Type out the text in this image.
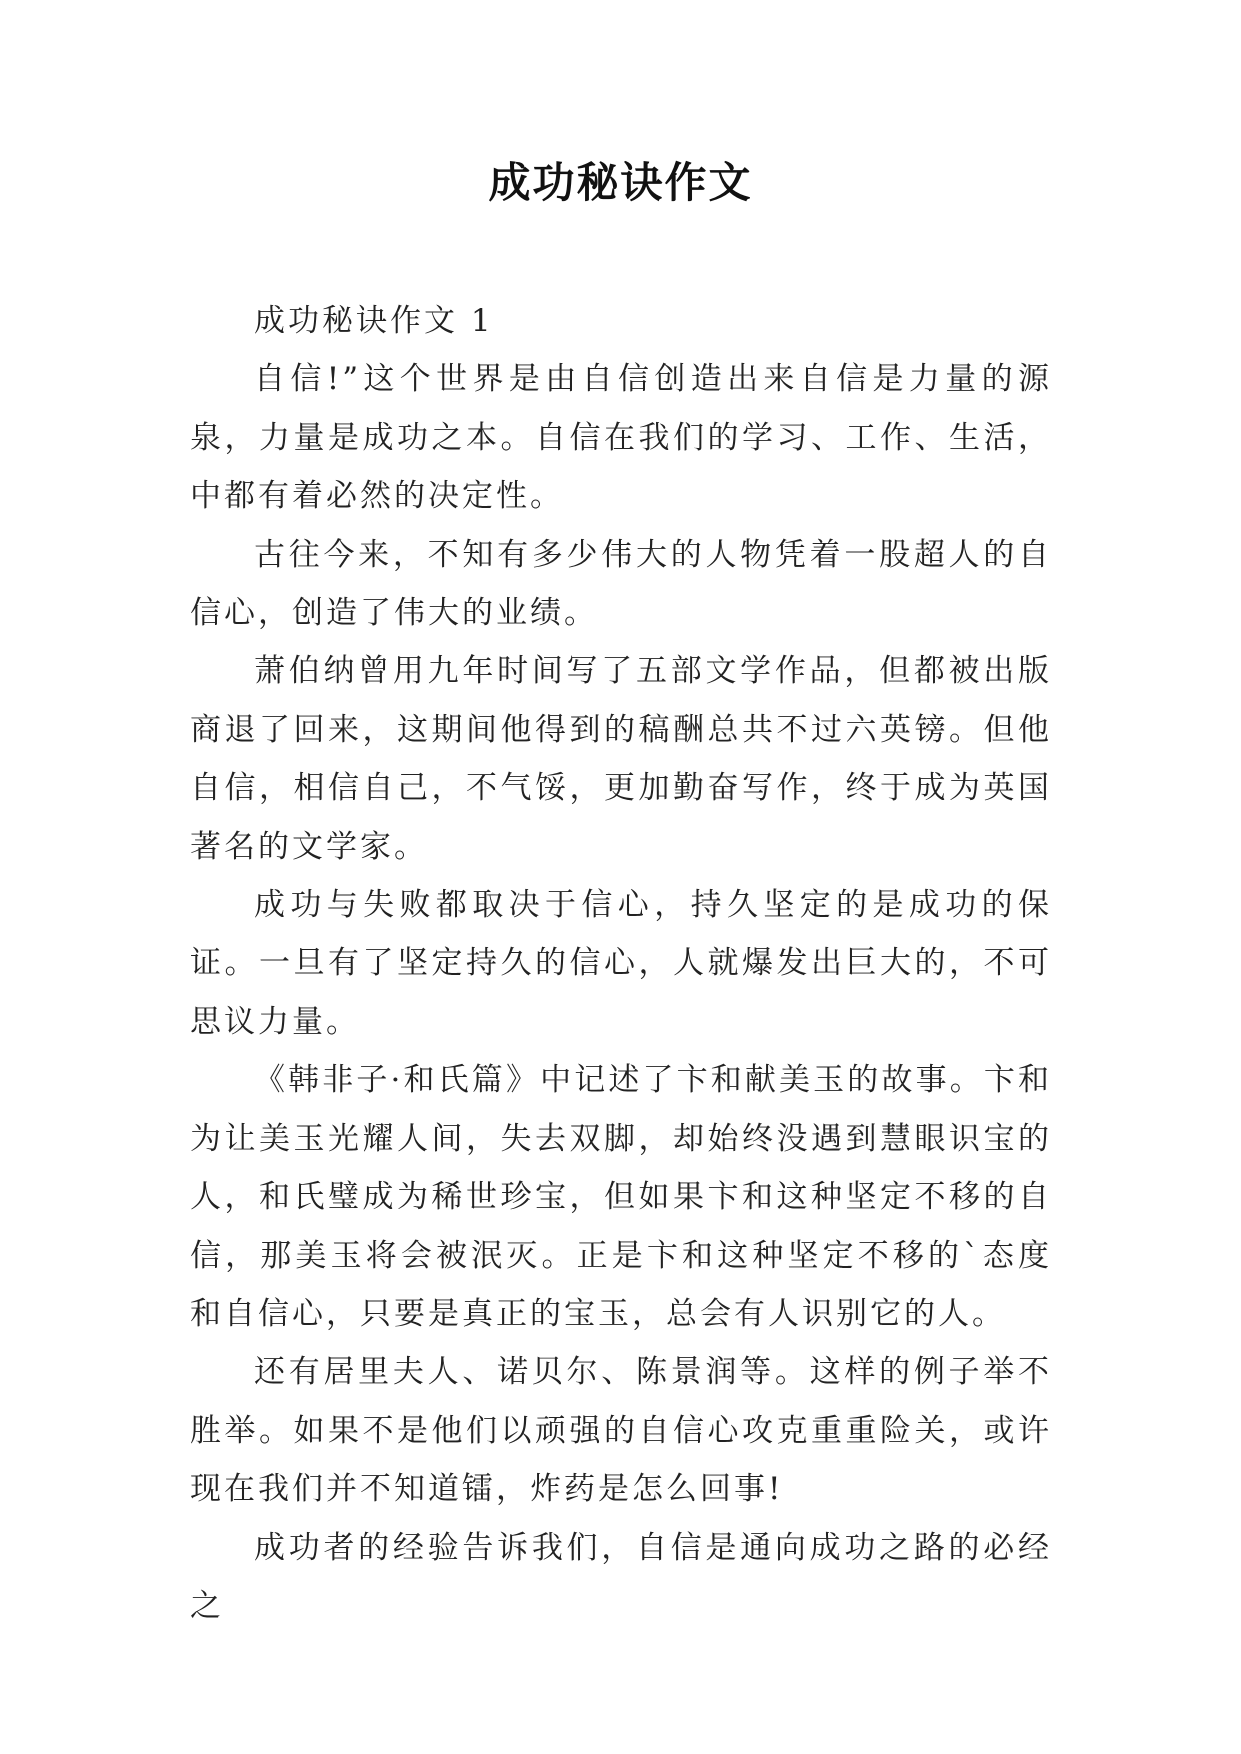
成功秘诀作文

成功秘诀作文 1

自信!”这个世界是由自信创造出来自信是力量的源泉，力量是成功之本。自信在我们的学习、工作、生活，中都有着必然的决定性。

古往今来，不知有多少伟大的人物凭着一股超人的自信心，创造了伟大的业绩。

萧伯纳曾用九年时间写了五部文学作品，但都被出版商退了回来，这期间他得到的稿酬总共不过六英镑。但他自信，相信自己，不气馁，更加勤奋写作，终于成为英国著名的文学家。

成功与失败都取决于信心，持久坚定的是成功的保证。一旦有了坚定持久的信心，人就爆发出巨大的，不可思议力量。

《韩非子·和氏篇》中记述了卞和献美玉的故事。卞和为让美玉光耀人间，失去双脚，却始终没遇到慧眼识宝的人，和氏璧成为稀世珍宝，但如果卞和这种坚定不移的自信，那美玉将会被泯灭。正是卞和这种坚定不移的`态度和自信心，只要是真正的宝玉，总会有人识别它的人。

还有居里夫人、诺贝尔、陈景润等。这样的例子举不胜举。如果不是他们以顽强的自信心攻克重重险关，或许现在我们并不知道镭，炸药是怎么回事!

成功者的经验告诉我们，自信是通向成功之路的必经之
